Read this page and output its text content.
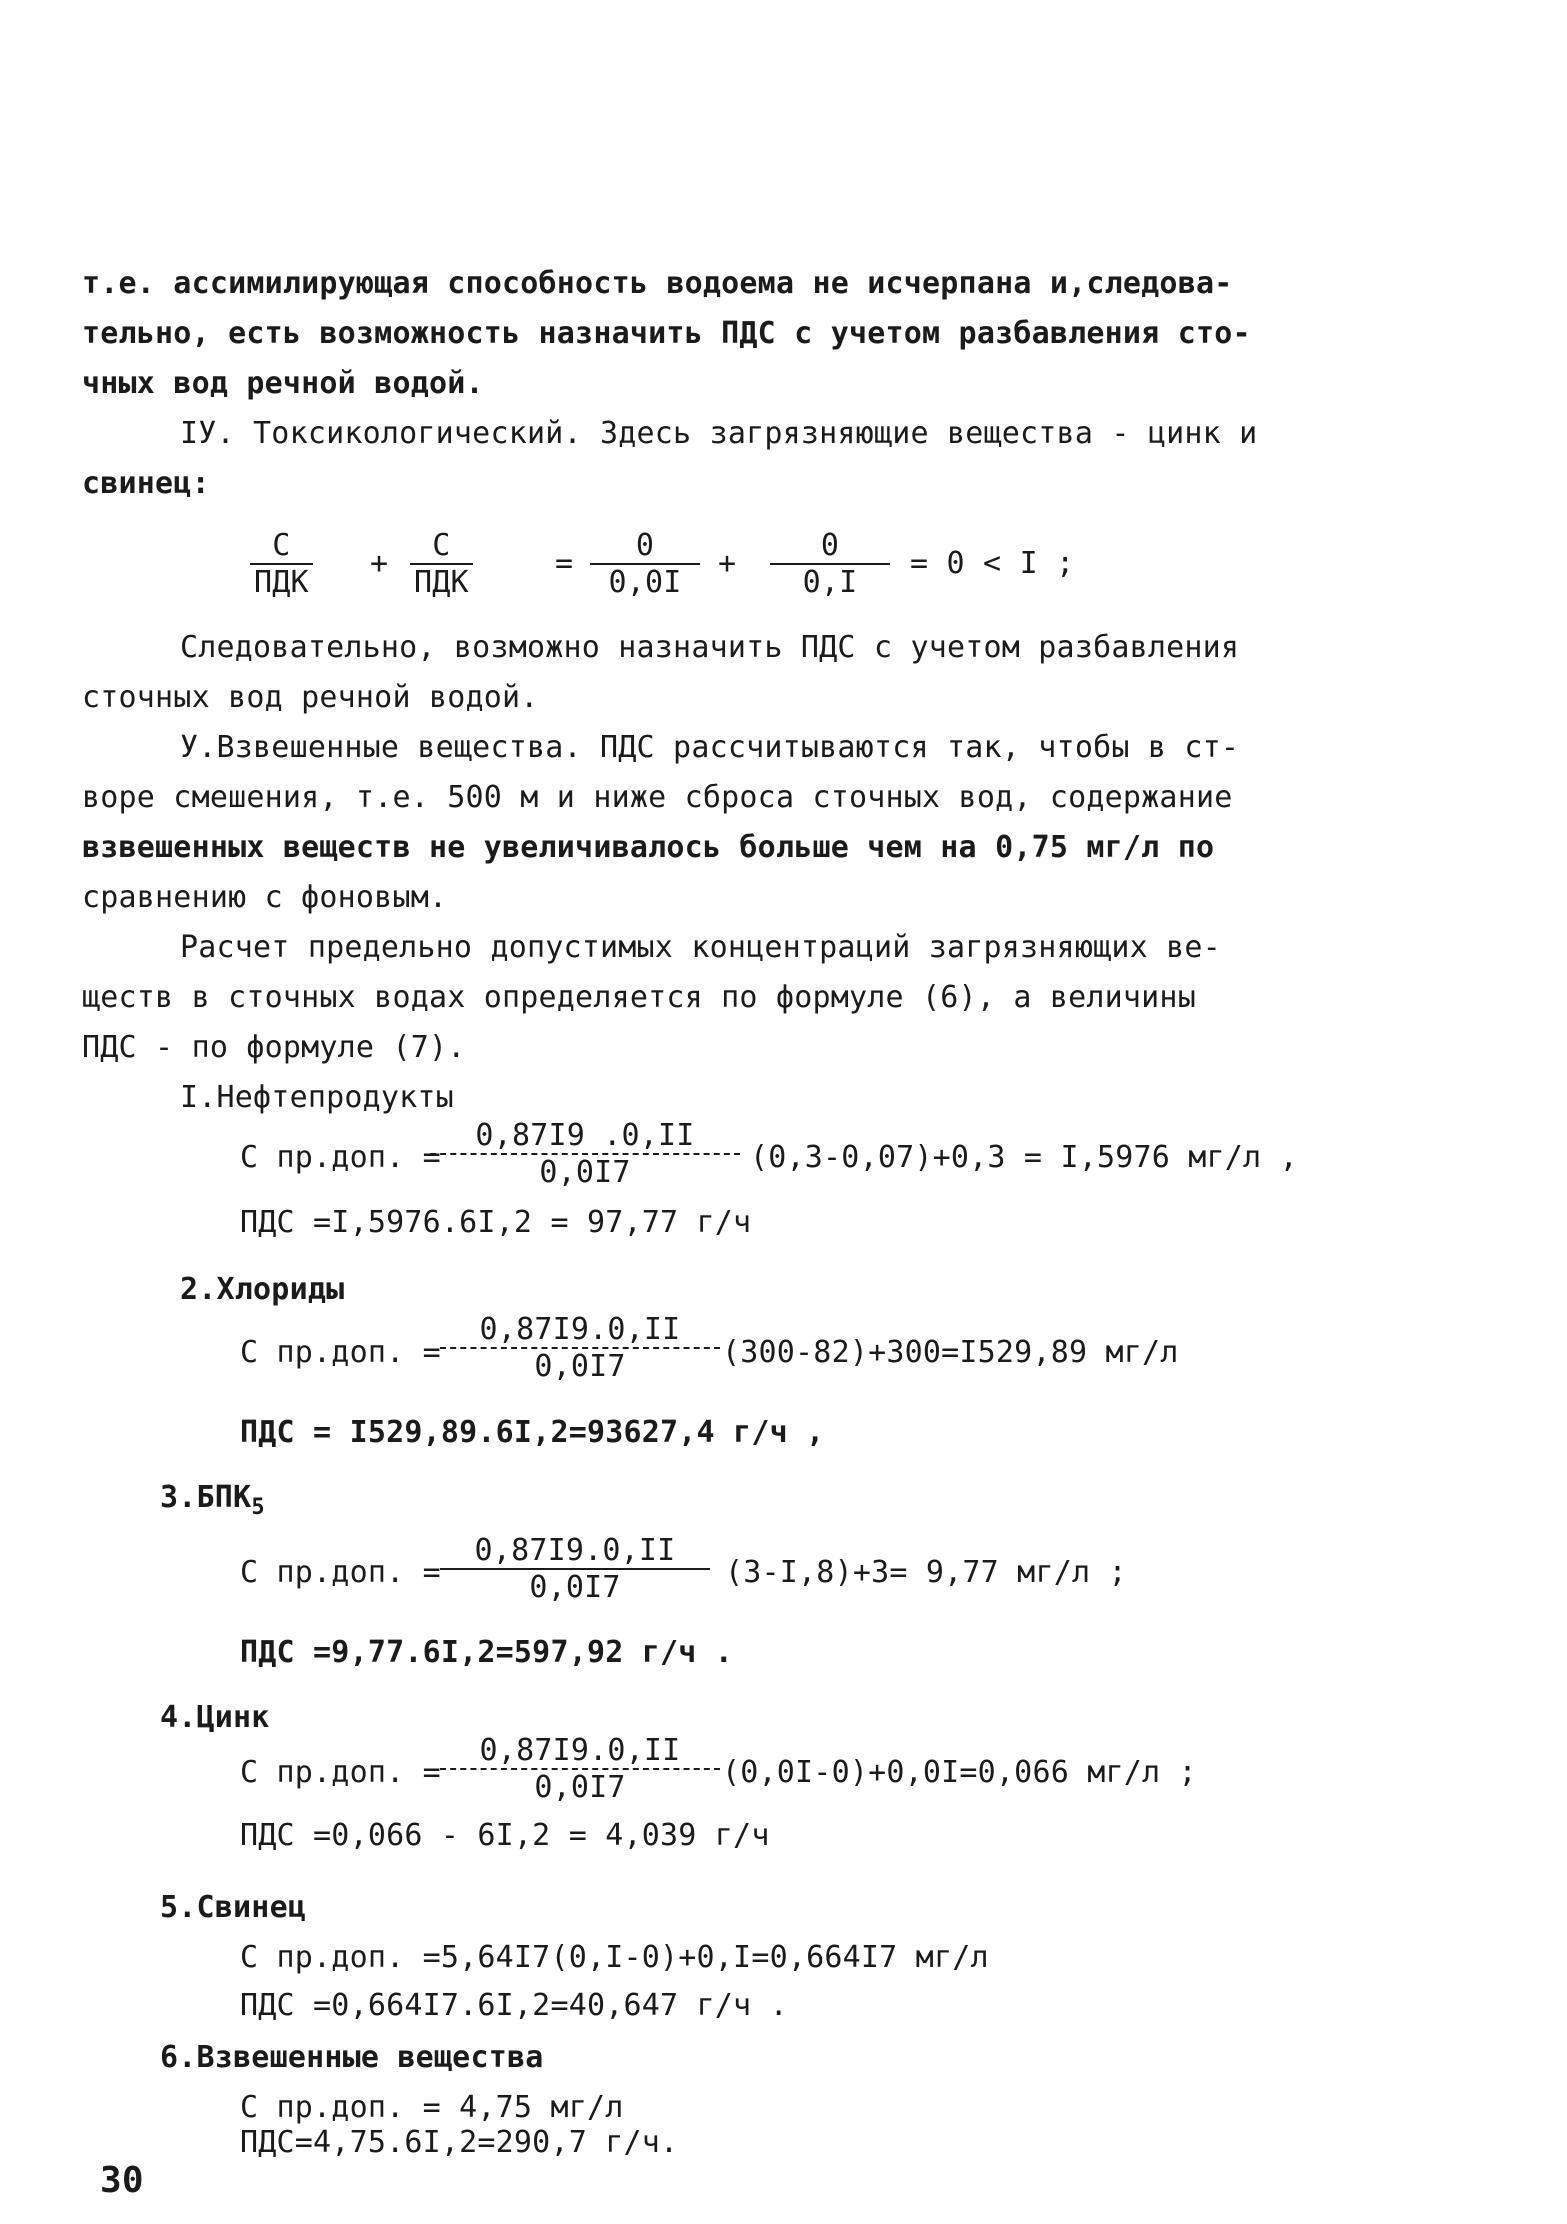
т.е. ассимилирующая способность водоема не исчерпана и,следова-
тельно, есть возможность назначить ПДС с учетом разбавления сто-
чных вод речной водой.
IУ. Токсикологический. Здесь загрязняющие вещества - цинк и
свинец:
С
ПДК
+
С
ПДК
= $\frac{0}{0,0I} + \frac{0}{0,I} = 0 < I$ ;
Следовательно, возможно назначить ПДС с учетом разбавления
сточных вод речной водой.
У.Взвешенные вещества. ПДС рассчитываются так, чтобы в ст-
воре смешения, т.е. 500 м и ниже сброса сточных вод, содержание
взвешенных веществ не увеличивалось больше чем на 0,75 мг/л по
сравнению с фоновым.
Расчет предельно допустимых концентраций загрязняющих ве-
ществ в сточных водах определяется по формуле (6), а величины
ПДС - по формуле (7).
I.Нефтепродукты
С пр.доп. =
$\frac{0,87I9 .0,II}{0,0I7} (0,3-0,07)+0,3 = I,5976$ мг/л ,
ПДС =I,5976.6I,2 = 97,77 г/ч
2.Хлориды
С пр.доп. = $\frac{0,87I9.0,II}{0,0I7} (300-82)+300=I529,89$ мг/л
ПДС = I529,89.6I,2=93627,4 г/ч ,
$3.БПК_5$
С пр.доп. = $\frac{0,87I9.0,II}{0,0I7} (3-I,8)+3= 9,77$ мг/л ;
ПДС =9,77.6I,2=597,92 г/ч .
4.Цинк
С пр.доп. = $\frac{0,87I9.0,II}{0,0I7} (0,0I-0)+0,0I=0,066$ мг/л ;
ПДС =0,066 - 6I,2 = 4,039 г/ч
5.Свинец
С пр.доп. =5,64I7(0,I-0)+0,I=0,664I7 мг/л
ПДС =0,664I7.6I,2=40,647 г/ч .
6.Взвешенные вещества
С пр.доп. = 4,75 мг/л
ПДС=4,75.6I,2=290,7 г/ч.
30
